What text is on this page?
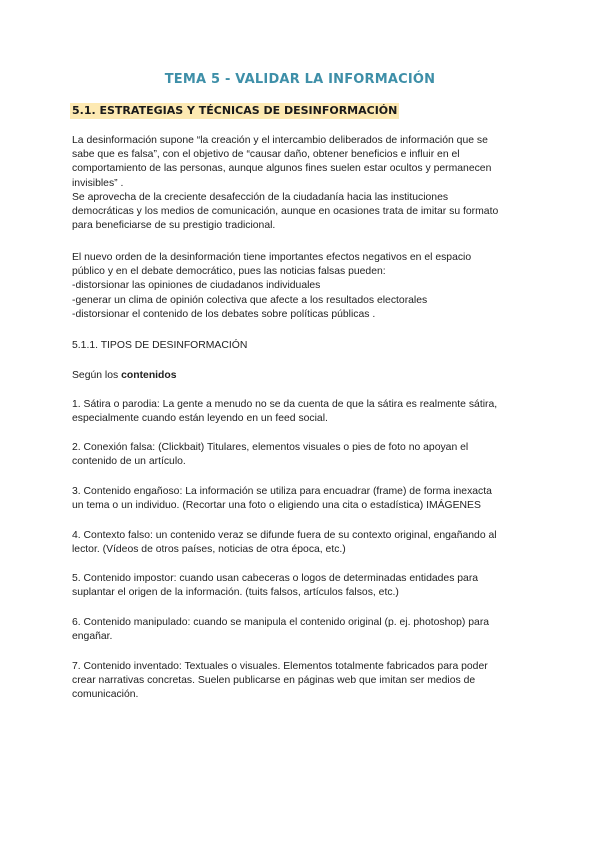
TEMA 5 - VALIDAR LA INFORMACIÓN
5.1. ESTRATEGIAS Y TÉCNICAS DE DESINFORMACIÓN

La desinformación supone “la creación y el intercambio deliberados de información que se

sabe que es falsa”, con el objetivo de “causar daño, obtener beneficios e influir en el

comportamiento de las personas, aunque algunos fines suelen estar ocultos y permanecen

invisibles” .

Se aprovecha de la creciente desafección de la ciudadanía hacia las instituciones

democráticas y los medios de comunicación, aunque en ocasiones trata de imitar su formato

para beneficiarse de su prestigio tradicional.

El nuevo orden de la desinformación tiene importantes efectos negativos en el espacio

público y en el debate democrático, pues las noticias falsas pueden:

-distorsionar las opiniones de ciudadanos individuales

-generar un clima de opinión colectiva que afecte a los resultados electorales

-distorsionar el contenido de los debates sobre políticas públicas .

5.1.1. TIPOS DE DESINFORMACIÓN

Según los contenidos

1. Sátira o parodia: La gente a menudo no se da cuenta de que la sátira es realmente sátira,

especialmente cuando están leyendo en un feed social.

2. Conexión falsa: (Clickbait) Titulares, elementos visuales o pies de foto no apoyan el

contenido de un artículo.

3. Contenido engañoso: La información se utiliza para encuadrar (frame) de forma inexacta

un tema o un individuo. (Recortar una foto o eligiendo una cita o estadística) IMÁGENES

4. Contexto falso: un contenido veraz se difunde fuera de su contexto original, engañando al

lector. (Vídeos de otros países, noticias de otra época, etc.)

5. Contenido impostor: cuando usan cabeceras o logos de determinadas entidades para

suplantar el origen de la información. (tuits falsos, artículos falsos, etc.)

6. Contenido manipulado: cuando se manipula el contenido original (p. ej. photoshop) para

engañar.

7. Contenido inventado: Textuales o visuales. Elementos totalmente fabricados para poder

crear narrativas concretas. Suelen publicarse en páginas web que imitan ser medios de

comunicación.
